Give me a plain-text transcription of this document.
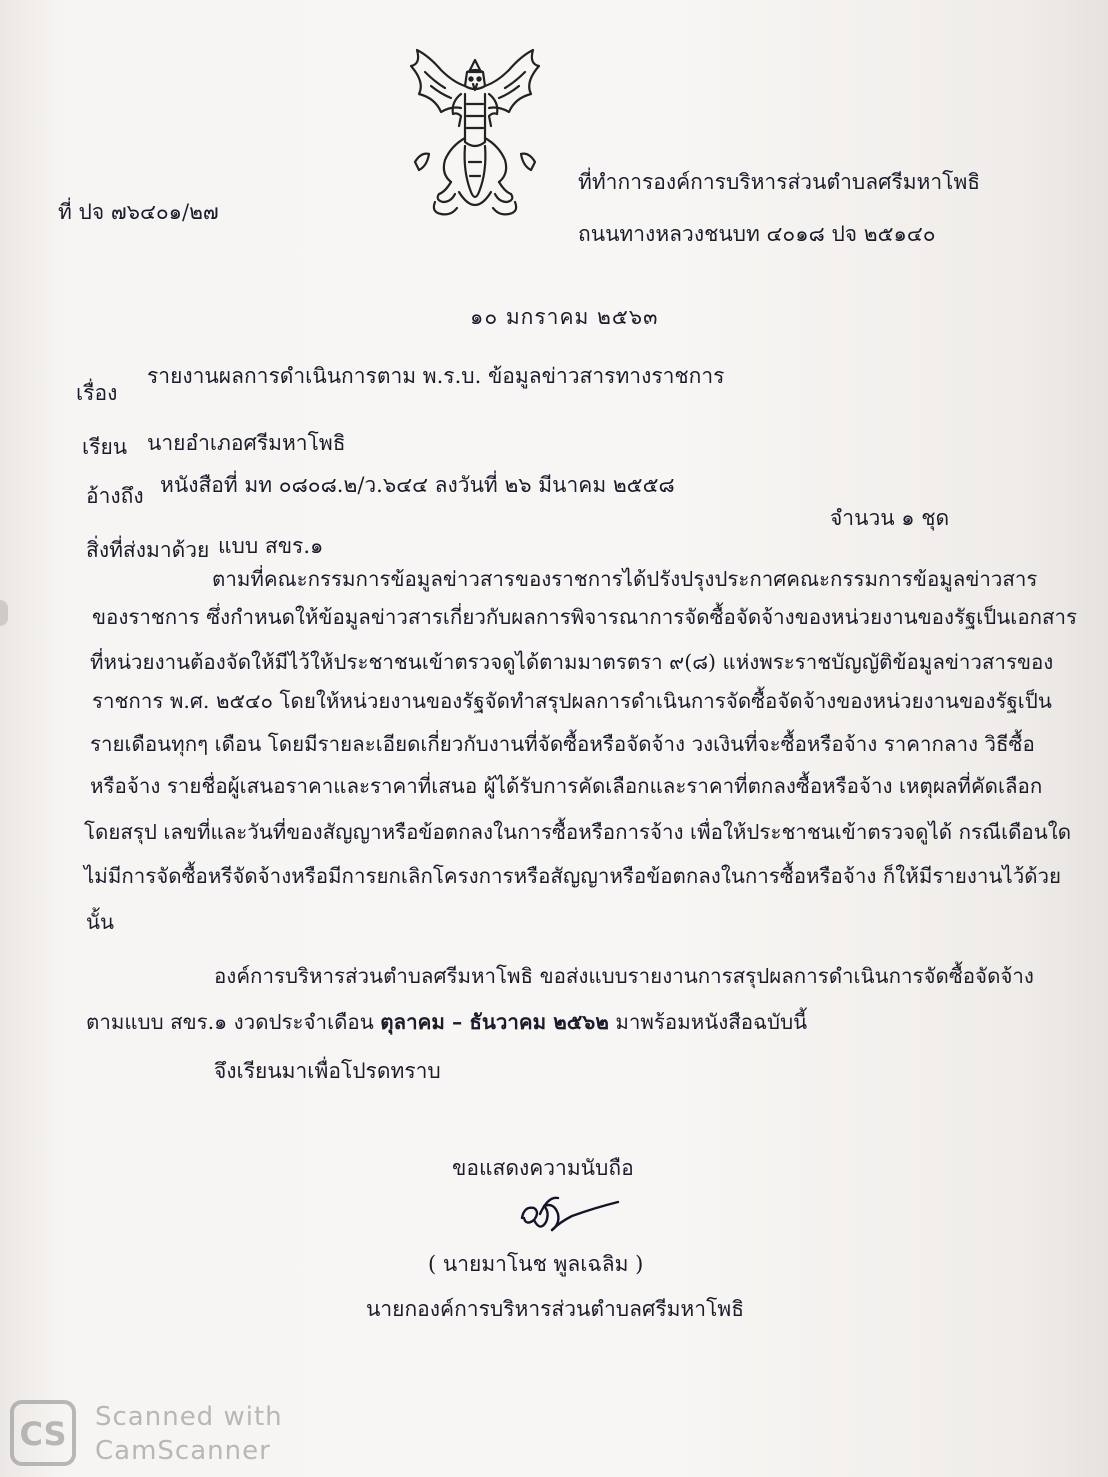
ที่ ปจ ๗๖๔๐๑/๒๗
ที่ทำการองค์การบริหารส่วนตำบลศรีมหาโพธิ
ถนนทางหลวงชนบท ๔๐๑๘ ปจ ๒๕๑๔๐
๑๐ มกราคม ๒๕๖๓
เรื่อง
รายงานผลการดำเนินการตาม พ.ร.บ. ข้อมูลข่าวสารทางราชการ
เรียน นายอำเภอศรีมหาโพธิ
อ้างถึง หนังสือที่ มท ๐๘๐๘.๒/ว.๖๔๔ ลงวันที่ ๒๖ มีนาคม ๒๕๕๘
จำนวน ๑ ชุด
สิ่งที่ส่งมาด้วย แบบ สขร.๑
ตามที่คณะกรรมการข้อมูลข่าวสารของราชการได้ปรังปรุงประกาศคณะกรรมการข้อมูลข่าวสาร
ของราชการ ซึ่งกำหนดให้ข้อมูลข่าวสารเกี่ยวกับผลการพิจารณาการจัดซื้อจัดจ้างของหน่วยงานของรัฐเป็นเอกสาร
ที่หน่วยงานต้องจัดให้มีไว้ให้ประชาชนเข้าตรวจดูได้ตามมาตรตรา ๙(๘) แห่งพระราชบัญญัติข้อมูลข่าวสารของ
ราชการ พ.ศ. ๒๕๔๐ โดยให้หน่วยงานของรัฐจัดทำสรุปผลการดำเนินการจัดซื้อจัดจ้างของหน่วยงานของรัฐเป็น
รายเดือนทุกๆ เดือน โดยมีรายละเอียดเกี่ยวกับงานที่จัดซื้อหรือจัดจ้าง วงเงินที่จะซื้อหรือจ้าง ราคากลาง วิธีซื้อ
หรือจ้าง รายชื่อผู้เสนอราคาและราคาที่เสนอ ผู้ได้รับการคัดเลือกและราคาที่ตกลงซื้อหรือจ้าง เหตุผลที่คัดเลือก
โดยสรุป เลขที่และวันที่ของสัญญาหรือข้อตกลงในการซื้อหรือการจ้าง เพื่อให้ประชาชนเข้าตรวจดูได้ กรณีเดือนใด
ไม่มีการจัดซื้อหรีจัดจ้างหรือมีการยกเลิกโครงการหรือสัญญาหรือข้อตกลงในการซื้อหรือจ้าง ก็ให้มีรายงานไว้ด้วย
นั้น
องค์การบริหารส่วนตำบลศรีมหาโพธิ ขอส่งแบบรายงานการสรุปผลการดำเนินการจัดซื้อจัดจ้าง
ตามแบบ สขร.๑ งวดประจำเดือน ตุลาคม – ธันวาคม ๒๕๖๒ มาพร้อมหนังสือฉบับนี้
จึงเรียนมาเพื่อโปรดทราบ
ขอแสดงความนับถือ
( นายมาโนช พูลเฉลิม )
นายกองค์การบริหารส่วนตำบลศรีมหาโพธิ
CS Scanned with
CamScanner
